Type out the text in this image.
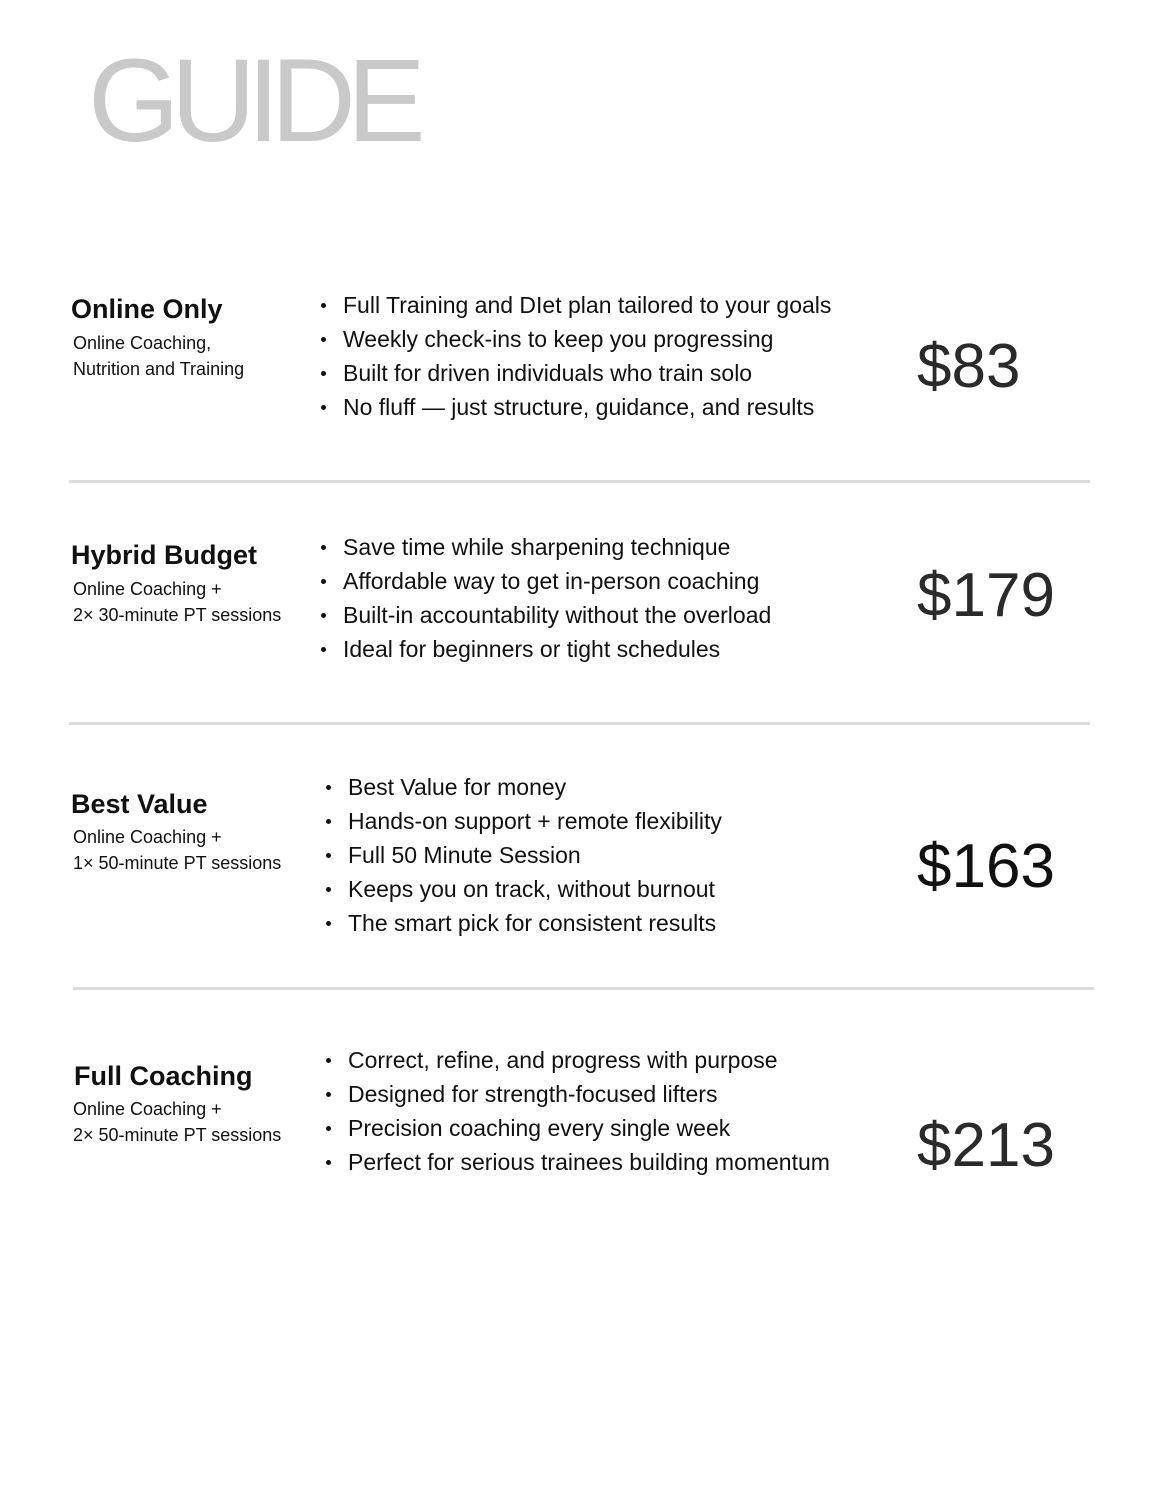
GUIDE
Online Only
Online Coaching,
Nutrition and Training
Full Training and DIet plan tailored to your goals
Weekly check-ins to keep you progressing
Built for driven individuals who train solo
No fluff — just structure, guidance, and results
$83
Hybrid Budget
Online Coaching +
2× 30-minute PT sessions
Save time while sharpening technique
Affordable way to get in-person coaching
Built-in accountability without the overload
Ideal for beginners or tight schedules
$179
Best Value
Online Coaching +
1× 50-minute PT sessions
Best Value for money
Hands-on support + remote flexibility
Full 50 Minute Session
Keeps you on track, without burnout
The smart pick for consistent results
$163
Full Coaching
Online Coaching +
2× 50-minute PT sessions
Correct, refine, and progress with purpose
Designed for strength-focused lifters
Precision coaching every single week
Perfect for serious trainees building momentum $213
